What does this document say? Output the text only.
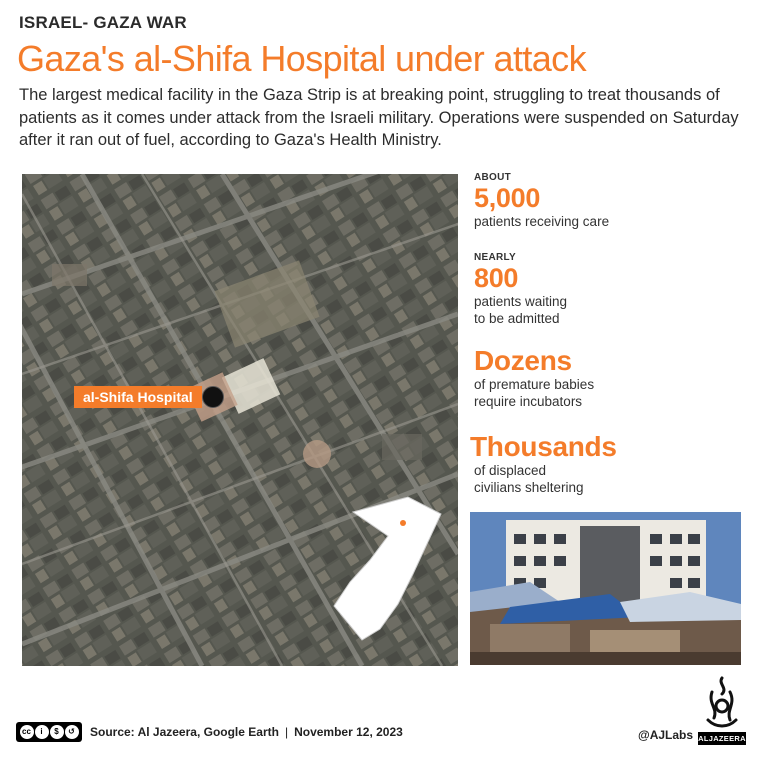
ISRAEL- GAZA WAR
Gaza's al-Shifa Hospital under attack
The largest medical facility in the Gaza Strip is at breaking point, struggling to treat thousands of patients as it comes under attack from the Israeli military. Operations were suspended on Saturday after it ran out of fuel, according to Gaza's Health Ministry.
al-Shifa Hospital
ABOUT
5,000
patients receiving care
NEARLY
800
patients waiting
to be admitted
Dozens
of premature babies
require incubators
Thousands
of displaced
civilians sheltering
cc	i	$	↺	Source: Al Jazeera, Google Earth | November 12, 2023	@AJLabs ALJAZEERA
